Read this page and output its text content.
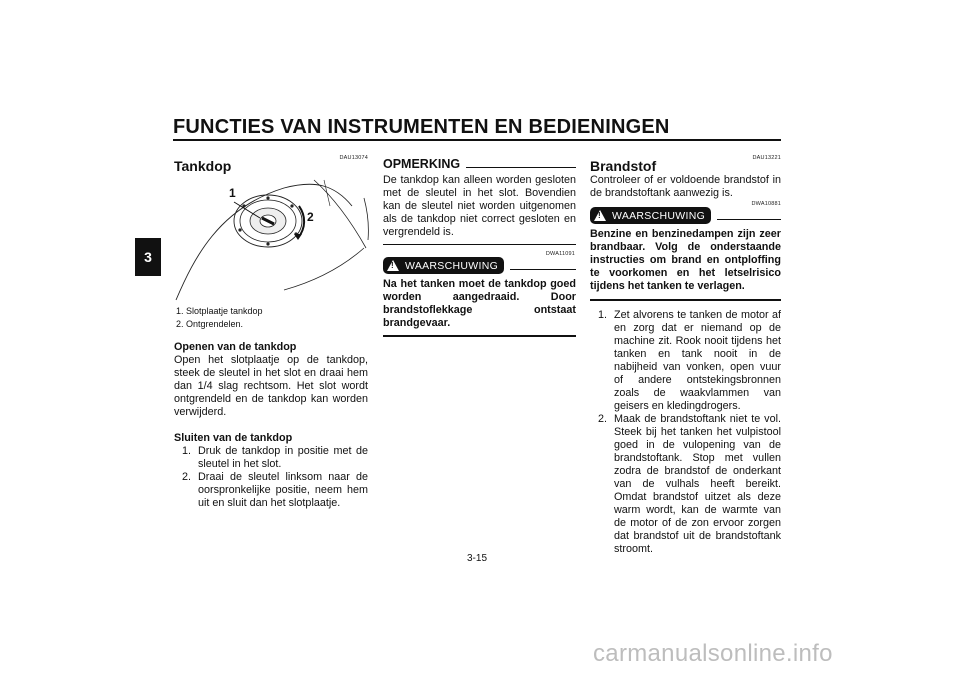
FUNCTIES VAN INSTRUMENTEN EN BEDIENINGEN
3
DAU13074
Tankdop
1
2
1. Slotplaatje tankdop
2. Ontgrendelen.
Openen van de tankdop
Open het slotplaatje op de tankdop, steek de sleutel in het slot en draai hem dan 1/4 slag rechtsom. Het slot wordt ontgrendeld en de tankdop kan worden verwijderd.
Sluiten van de tankdop
1. Druk de tankdop in positie met de sleutel in het slot.
2. Draai de sleutel linksom naar de oorspronkelijke positie, neem hem uit en sluit dan het slotplaatje.
OPMERKING
De tankdop kan alleen worden gesloten met de sleutel in het slot. Bovendien kan de sleutel niet worden uitgenomen als de tankdop niet correct gesloten en vergrendeld is.
DWA11091
! WAARSCHUWING
Na het tanken moet de tankdop goed worden aangedraaid. Door brandstoflekkage ontstaat brandgevaar.
DAU13221
Brandstof
Controleer of er voldoende brandstof in de brandstoftank aanwezig is.
DWA10881
! WAARSCHUWING
Benzine en benzinedampen zijn zeer brandbaar. Volg de onderstaande instructies om brand en ontploffing te voorkomen en het letselrisico tijdens het tanken te verlagen.
1. Zet alvorens te tanken de motor af en zorg dat er niemand op de machine zit. Rook nooit tijdens het tanken en tank nooit in de nabijheid van vonken, open vuur of andere ontstekingsbronnen zoals de waakvlammen van geisers en kledingdrogers.
2. Maak de brandstoftank niet te vol. Steek bij het tanken het vulpistool goed in de vulopening van de brandstoftank. Stop met vullen zodra de brandstof de onderkant van de vulhals heeft bereikt. Omdat brandstof uitzet als deze warm wordt, kan de warmte van de motor of de zon ervoor zorgen dat brandstof uit de brandstoftank stroomt.
3-15
carmanualsonline.info
